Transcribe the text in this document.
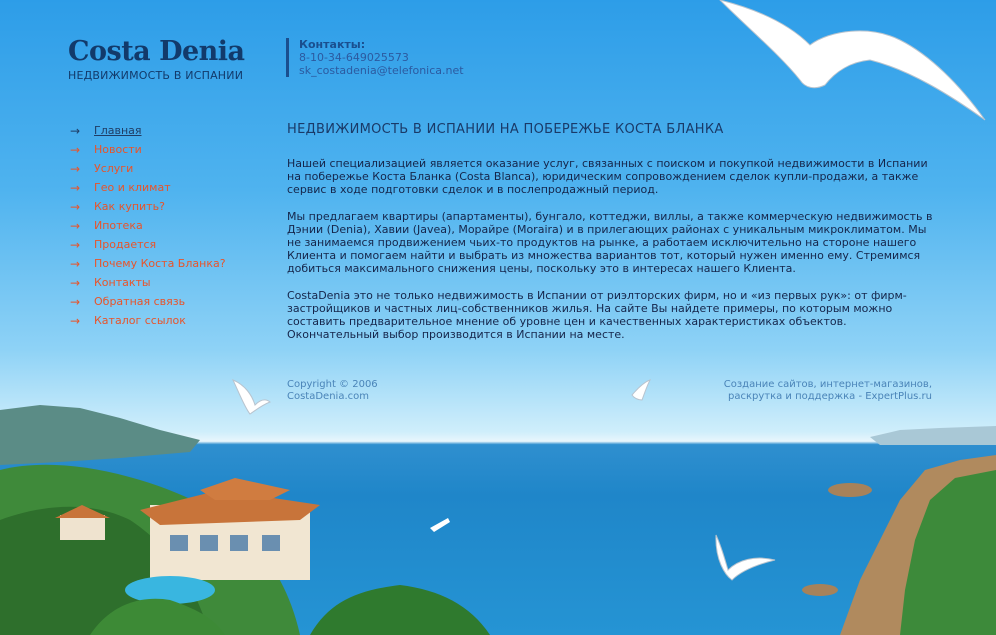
Costa Denia
НЕДВИЖИМОСТЬ В ИСПАНИИ
Контакты:
8-10-34-649025573
sk_costadenia@telefonica.net
→	Главная
→	Новости
→	Услуги
→	Гео и климат
→	Как купить?
→	Ипотека
→	Продается
→	Почему Коста Бланка?
→	Контакты
→	Обратная связь
→	Каталог ссылок
НЕДВИЖИМОСТЬ В ИСПАНИИ НА ПОБЕРЕЖЬЕ КОСТА БЛАНКА

Нашей специализацией является оказание услуг, связанных с поиском и покупкой недвижимости в Испании на побережье Коста Бланка (Costa Blanca), юридическим сопровождением сделок купли-продажи, а также сервис в ходе подготовки сделок и в послепродажный период.

Мы предлагаем квартиры (апартаменты), бунгало, коттеджи, виллы, а также коммерческую недвижимость в Дэнии (Denia), Хавии (Javea), Морайре (Moraira) и в прилегающих районах с уникальным микроклиматом. Мы не занимаемся продвижением чьих-то продуктов на рынке, а работаем исключительно на стороне нашего Клиента и помогаем найти и выбрать из множества вариантов тот, который нужен именно ему. Стремимся добиться максимального снижения цены, поскольку это в интересах нашего Клиента.

CostaDenia это не только недвижимость в Испании от риэлторских фирм, но и «из первых рук»: от фирм-застройщиков и частных лиц-собственников жилья. На сайте Вы найдете примеры, по которым можно составить предварительное мнение об уровне цен и качественных характеристиках объектов. Окончательный выбор производится в Испании на месте.

Copyright © 2006
CostaDenia.com
Создание сайтов, интернет-магазинов,
раскрутка и поддержка - ExpertPlus.ru
